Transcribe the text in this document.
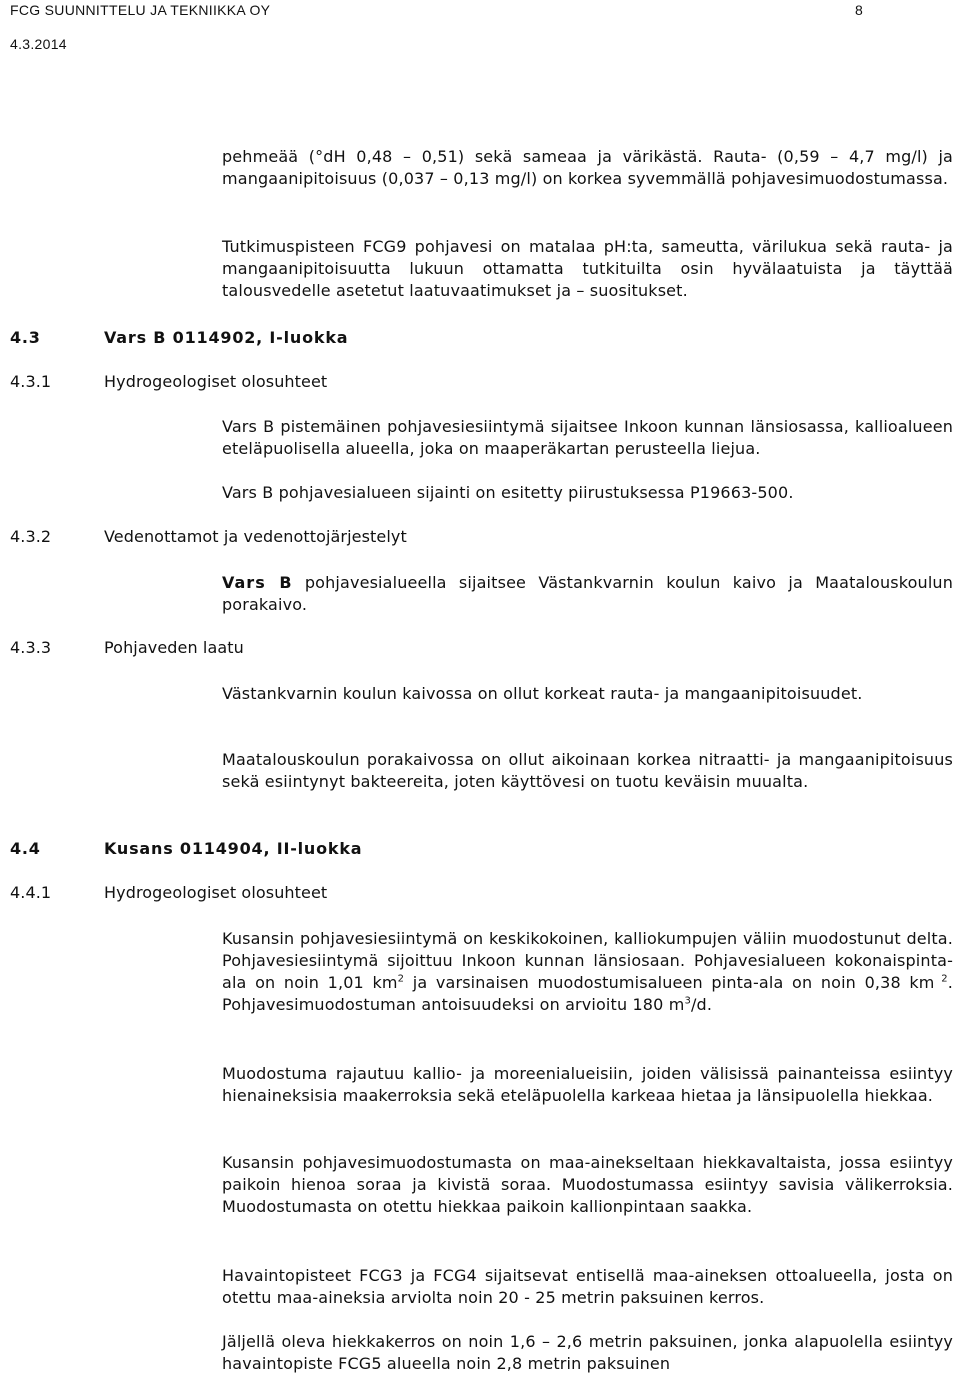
FCG SUUNNITTELU JA TEKNIIKKA OY
4.3.2014
8
pehmeää (°dH 0,48 – 0,51) sekä sameaa ja värikästä. Rauta- (0,59 – 4,7 mg/l) ja mangaanipitoisuus (0,037 – 0,13 mg/l) on korkea syvemmällä pohjavesimuodostumassa.
Tutkimuspisteen FCG9 pohjavesi on matalaa pH:ta, sameutta, värilukua sekä rauta- ja mangaanipitoisuutta lukuun ottamatta tutkituilta osin hyvälaatuista ja täyttää talousvedelle asetetut laatuvaatimukset ja – suositukset.
4.3	Vars B 0114902, I-luokka
4.3.1	Hydrogeologiset olosuhteet
Vars B pistemäinen pohjavesiesiintymä sijaitsee Inkoon kunnan länsiosassa, kallioalueen eteläpuolisella alueella, joka on maaperäkartan perusteella liejua.
Vars B pohjavesialueen sijainti on esitetty piirustuksessa P19663-500.
4.3.2	Vedenottamot ja vedenottojärjestelyt
Vars B pohjavesialueella sijaitsee Västankvarnin koulun kaivo ja Maatalouskoulun porakaivo.
4.3.3	Pohjaveden laatu
Västankvarnin koulun kaivossa on ollut korkeat rauta- ja mangaanipitoisuudet.
Maatalouskoulun porakaivossa on ollut aikoinaan korkea nitraatti- ja mangaanipitoisuus sekä esiintynyt bakteereita, joten käyttövesi on tuotu keväisin muualta.
4.4	Kusans 0114904, II-luokka
4.4.1	Hydrogeologiset olosuhteet
Kusansin pohjavesiesiintymä on keskikokoinen, kalliokumpujen väliin muodostunut delta. Pohjavesiesiintymä sijoittuu Inkoon kunnan länsiosaan. Pohjavesialueen kokonaispinta-ala on noin 1,01 $km^2$ ja varsinaisen muodostumisalueen pinta-ala on noin 0,38 km $^2$. Pohjavesimuodostuman antoisuudeksi on arvioitu 180 $m^3/d$.
Muodostuma rajautuu kallio- ja moreenialueisiin, joiden välisissä painanteissa esiintyy hienaineksisia maakerroksia sekä eteläpuolella karkeaa hietaa ja länsipuolella hiekkaa.
Kusansin pohjavesimuodostumasta on maa-ainekseltaan hiekkavaltaista, jossa esiintyy paikoin hienoa soraa ja kivistä soraa. Muodostumassa esiintyy savisia välikerroksia. Muodostumasta on otettu hiekkaa paikoin kallionpintaan saakka.
Havaintopisteet FCG3 ja FCG4 sijaitsevat entisellä maa-aineksen ottoalueella, josta on otettu maa-aineksia arviolta noin 20 - 25 metrin paksuinen kerros.
Jäljellä oleva hiekkakerros on noin 1,6 – 2,6 metrin paksuinen, jonka alapuolella esiintyy havaintopiste FCG5 alueella noin 2,8 metrin paksuinen
